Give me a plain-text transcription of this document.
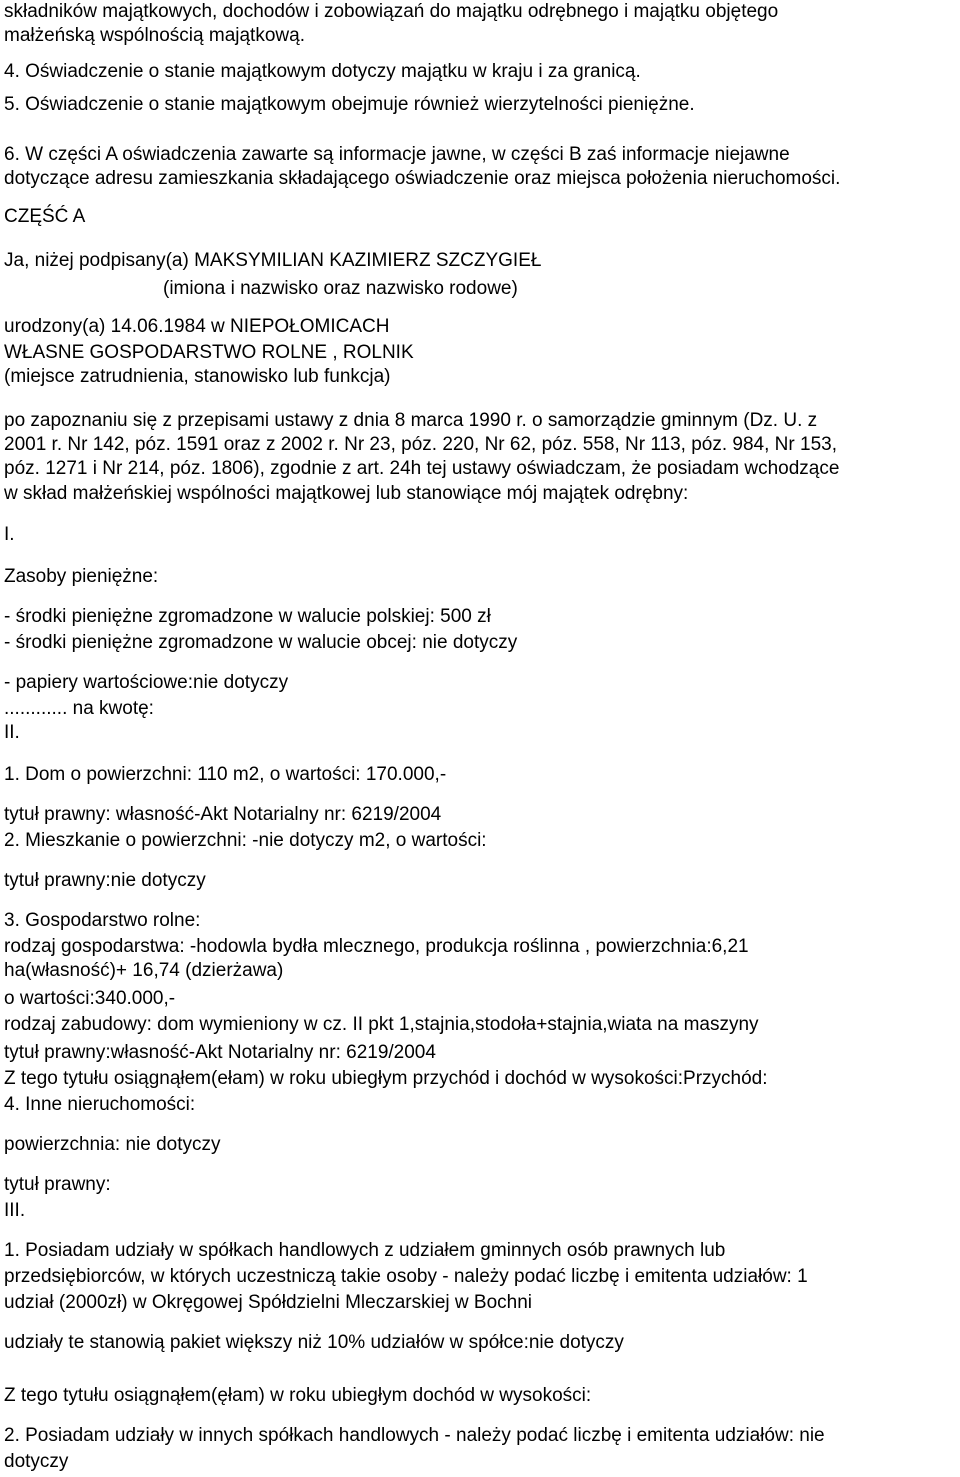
składników majątkowych, dochodów i zobowiązań do majątku odrębnego i majątku objętego

małżeńską wspólnością majątkową.

4. Oświadczenie o stanie majątkowym dotyczy majątku w kraju i za granicą.

5. Oświadczenie o stanie majątkowym obejmuje również wierzytelności pieniężne.

6. W części A oświadczenia zawarte są informacje jawne, w części B zaś informacje niejawne

dotyczące adresu zamieszkania składającego oświadczenie oraz miejsca położenia nieruchomości.

CZĘŚĆ A

Ja, niżej podpisany(a) MAKSYMILIAN KAZIMIERZ SZCZYGIEŁ

(imiona i nazwisko oraz nazwisko rodowe)

urodzony(a) 14.06.1984 w NIEPOŁOMICACH

WŁASNE GOSPODARSTWO ROLNE , ROLNIK

(miejsce zatrudnienia, stanowisko lub funkcja)

po zapoznaniu się z przepisami ustawy z dnia 8 marca 1990 r. o samorządzie gminnym (Dz. U. z

2001 r. Nr 142, póz. 1591 oraz z 2002 r. Nr 23, póz. 220, Nr 62, póz. 558, Nr 113, póz. 984, Nr 153,

póz. 1271 i Nr 214, póz. 1806), zgodnie z art. 24h tej ustawy oświadczam, że posiadam wchodzące

w skład małżeńskiej wspólności majątkowej lub stanowiące mój majątek odrębny:

I.

Zasoby pieniężne:

- środki pieniężne zgromadzone w walucie polskiej: 500 zł

- środki pieniężne zgromadzone w walucie obcej: nie dotyczy

- papiery wartościowe:nie dotyczy

............ na kwotę:

II.

1. Dom o powierzchni: 110 m2, o wartości: 170.000,-

tytuł prawny: własność-Akt Notarialny nr: 6219/2004

2. Mieszkanie o powierzchni: -nie dotyczy m2, o wartości:

tytuł prawny:nie dotyczy

3. Gospodarstwo rolne:

rodzaj gospodarstwa: -hodowla bydła mlecznego, produkcja roślinna , powierzchnia:6,21

ha(własność)+ 16,74 (dzierżawa)

o wartości:340.000,-

rodzaj zabudowy: dom wymieniony w cz. II pkt 1,stajnia,stodoła+stajnia,wiata na maszyny

tytuł prawny:własność-Akt Notarialny nr: 6219/2004

Z tego tytułu osiągnąłem(ełam) w roku ubiegłym przychód i dochód w wysokości:Przychód:

4. Inne nieruchomości:

powierzchnia: nie dotyczy

tytuł prawny:

III.

1. Posiadam udziały w spółkach handlowych z udziałem gminnych osób prawnych lub

przedsiębiorców, w których uczestniczą takie osoby - należy podać liczbę i emitenta udziałów: 1

udział (2000zł) w Okręgowej Spółdzielni Mleczarskiej w Bochni

udziały te stanowią pakiet większy niż 10% udziałów w spółce:nie dotyczy

Z tego tytułu osiągnąłem(ęłam) w roku ubiegłym dochód w wysokości:

2. Posiadam udziały w innych spółkach handlowych - należy podać liczbę i emitenta udziałów: nie

dotyczy
